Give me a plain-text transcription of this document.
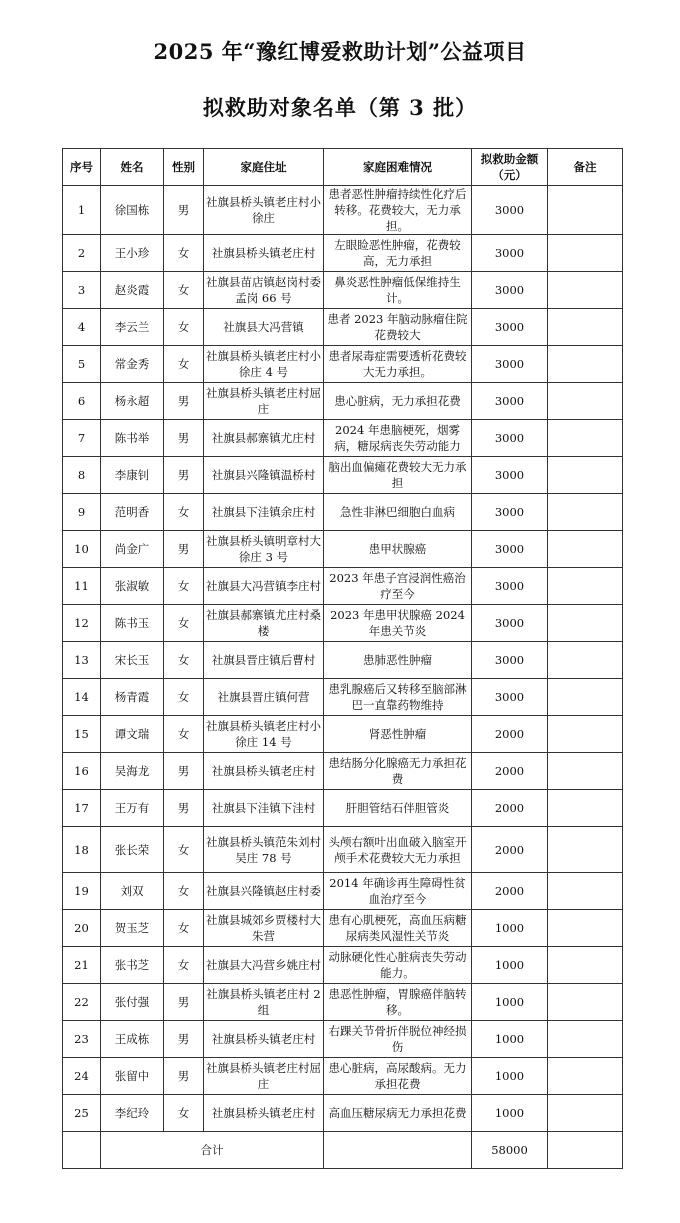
2025 年“豫红博爱救助计划”公益项目
拟救助对象名单（第 3 批）
序号	姓名	性别	家庭住址	家庭困难情况	拟救助金额（元）	备注
1	徐国栋	男	社旗县桥头镇老庄村小徐庄	患者恶性肿瘤持续性化疗后转移。花费较大，无力承担。	3000	
2	王小珍	女	社旗县桥头镇老庄村	左眼睑恶性肿瘤，花费较高，无力承担	3000	
3	赵炎霞	女	社旗县苗店镇赵岗村委孟岗 66 号	鼻炎恶性肿瘤低保维持生计。	3000	
4	李云兰	女	社旗县大冯营镇	患者 2023 年脑动脉瘤住院花费较大	3000	
5	常金秀	女	社旗县桥头镇老庄村小徐庄 4 号	患者尿毒症需要透析花费较大无力承担。	3000	
6	杨永超	男	社旗县桥头镇老庄村屈庄	患心脏病，无力承担花费	3000	
7	陈书举	男	社旗县郝寨镇尤庄村	2024 年患脑梗死，烟雾病，糖尿病丧失劳动能力	3000	
8	李康钊	男	社旗县兴隆镇温桥村	脑出血偏瘫花费较大无力承担	3000	
9	范明香	女	社旗县下洼镇余庄村	急性非淋巴细胞白血病	3000	
10	尚金广	男	社旗县桥头镇明章村大徐庄 3 号	患甲状腺癌	3000	
11	张淑敏	女	社旗县大冯营镇李庄村	2023 年患子宫浸润性癌治疗至今	3000	
12	陈书玉	女	社旗县郝寨镇尤庄村桑楼	2023 年患甲状腺癌 2024 年患关节炎	3000	
13	宋长玉	女	社旗县晋庄镇后曹村	患肺恶性肿瘤	3000	
14	杨青霞	女	社旗县晋庄镇何营	患乳腺癌后又转移至脑部淋巴一直靠药物维持	3000	
15	谭文瑞	女	社旗县桥头镇老庄村小徐庄 14 号	肾恶性肿瘤	2000	
16	吴海龙	男	社旗县桥头镇老庄村	患结肠分化腺癌无力承担花费	2000	
17	王万有	男	社旗县下洼镇下洼村	肝胆管结石伴胆管炎	2000	
18	张长荣	女	社旗县桥头镇范朱刘村吴庄 78 号	头颅右额叶出血破入脑室开颅手术花费较大无力承担	2000	
19	刘双	女	社旗县兴隆镇赵庄村委	2014 年确诊再生障碍性贫血治疗至今	2000	
20	贺玉芝	女	社旗县城郊乡贾楼村大朱营	患有心肌梗死，高血压病糖尿病类风湿性关节炎	1000	
21	张书芝	女	社旗县大冯营乡姚庄村	动脉硬化性心脏病丧失劳动能力。	1000	
22	张付强	男	社旗县桥头镇老庄村 2 组	患恶性肿瘤，胃腺癌伴脑转移。	1000	
23	王成栋	男	社旗县桥头镇老庄村	右踝关节骨折伴脱位神经损伤	1000	
24	张留中	男	社旗县桥头镇老庄村屈庄	患心脏病，高尿酸病。无力承担花费	1000	
25	李纪玲	女	社旗县桥头镇老庄村	高血压糖尿病无力承担花费	1000	
	合计				58000	
